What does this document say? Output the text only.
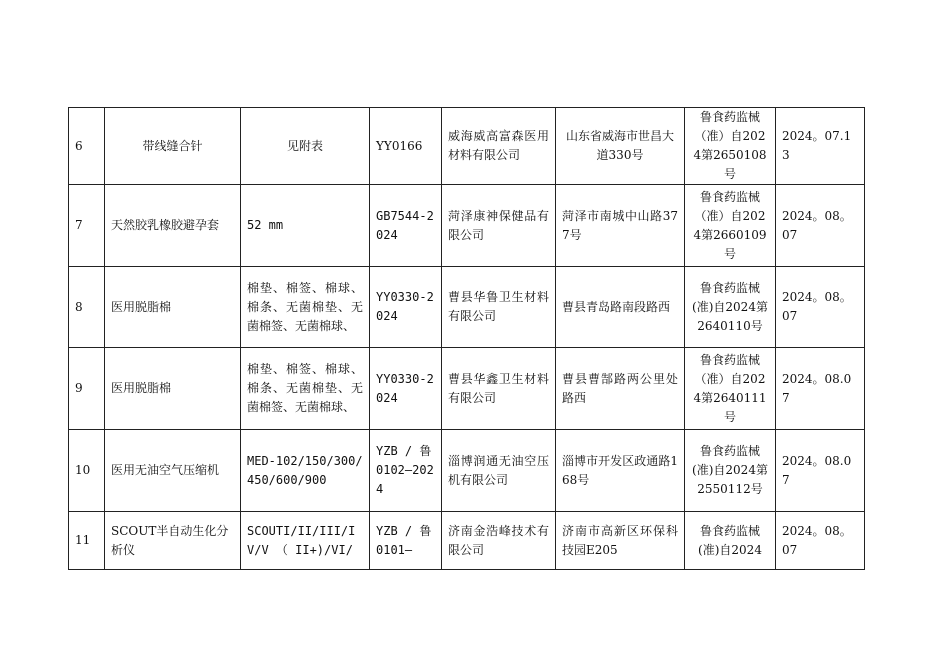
6	带线缝合针	见附表	YY0166	威海威高富森医用材料有限公司	山东省威海市世昌大道330号	鲁食药监械（准）自2024第2650108号	2024。07.13
7	天然胶乳橡胶避孕套	52 mm	GB7544-2024	菏泽康神保健品有限公司	菏泽市南城中山路377号	鲁食药监械（准）自2024第2660109号	2024。08。07
8	医用脱脂棉	棉垫、棉签、棉球、棉条、无菌棉垫、无菌棉签、无菌棉球、	YY0330-2024	曹县华鲁卫生材料有限公司	曹县青岛路南段路西	鲁食药监械(准)自2024第2640110号	2024。08。07
9	医用脱脂棉	棉垫、棉签、棉球、棉条、无菌棉垫、无菌棉签、无菌棉球、	YY0330-2024	曹县华鑫卫生材料有限公司	曹县曹郜路两公里处路西	鲁食药监械（准）自2024第2640111号	2024。08.07
10	医用无油空气压缩机	MED-102/150/300/450/600/900	YZB / 鲁0102—2024	淄博润通无油空压机有限公司	淄博市开发区政通路168号	鲁食药监械(准)自2024第2550112号	2024。08.07
11	SCOUT半自动生化分析仪	SCOUTI/II/III/IV/V （ II+)/VI/	YZB / 鲁0101—	济南金浩峰技术有限公司	济南市高新区环保科技园E205	鲁食药监械(准)自2024	2024。08。07
